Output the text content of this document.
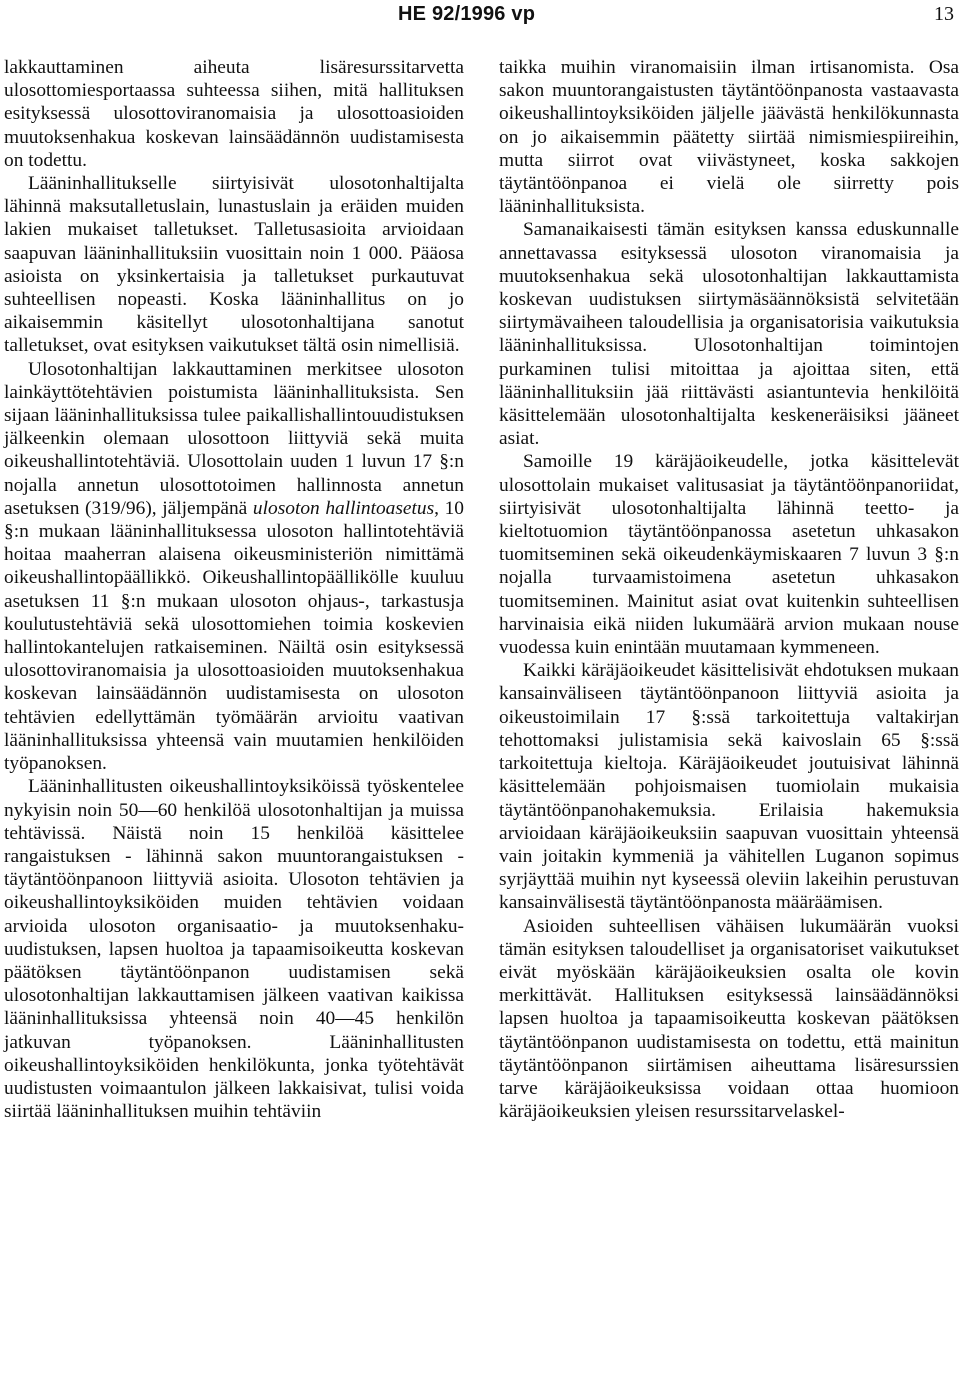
HE 92/1996 vp	13

lakkauttaminen aiheuta lisäresurssitarvetta ulosottomiesportaassa suhteessa siihen, mitä hallituksen esityksessä ulosottoviranomaisia ja ulosottoasioiden muutoksenhakua koskevan lainsäädännön uudistamisesta on todettu.

Lääninhallitukselle siirtyisivät ulosotonhaltijalta lähinnä maksutalletuslain, lunastuslain ja eräiden muiden lakien mukaiset talletukset. Talletusasioita arvioidaan saapuvan lääninhallituksiin vuosittain noin 1 000. Pääosa asioista on yksinkertaisia ja talletukset purkautuvat suhteellisen nopeasti. Koska lääninhallitus on jo aikaisemmin käsitellyt ulosotonhaltijana sanotut talletukset, ovat esityksen vaikutukset tältä osin nimellisiä.

Ulosotonhaltijan lakkauttaminen merkitsee ulosoton lainkäyttötehtävien poistumista lääninhallituksista. Sen sijaan lääninhallituksissa tulee paikallishallintouudistuksen jälkeenkin olemaan ulosottoon liittyviä sekä muita oikeushallintotehtäviä. Ulosottolain uuden 1 luvun 17 §:n nojalla annetun ulosottotoimen hallinnosta annetun asetuksen (319/96), jäljempänä ulosoton hallintoasetus, 10 §:n mukaan lääninhallituksessa ulosoton hallintotehtäviä hoitaa maaherran alaisena oikeusministeriön nimittämä oikeushallintopäällikkö. Oikeushallintopäällikölle kuuluu asetuksen 11 §:n mukaan ulosoton ohjaus-, tarkastusja koulutustehtäviä sekä ulosottomiehen toimia koskevien hallintokantelujen ratkaiseminen. Näiltä osin esityksessä ulosottoviranomaisia ja ulosottoasioiden muutoksenhakua koskevan lainsäädännön uudistamisesta on ulosoton tehtävien edellyttämän työmäärän arvioitu vaativan lääninhallituksissa yhteensä vain muutamien henkilöiden työpanoksen.

Lääninhallitusten oikeushallintoyksiköissä työskentelee nykyisin noin 50—60 henkilöä ulosotonhaltijan ja muissa tehtävissä. Näistä noin 15 henkilöä käsittelee rangaistuksen - lähinnä sakon muuntorangaistuksen - täytäntöönpanoon liittyviä asioita. Ulosoton tehtävien ja oikeushallintoyksiköiden muiden tehtävien voidaan arvioida ulosoton organisaatio- ja muutoksenhaku-uudistuksen, lapsen huoltoa ja tapaamisoikeutta koskevan päätöksen täytäntöönpanon uudistamisen sekä ulosotonhaltijan lakkauttamisen jälkeen vaativan kaikissa lääninhallituksissa yhteensä noin 40—45 henkilön jatkuvan työpanoksen. Lääninhallitusten oikeushallintoyksiköiden henkilökunta, jonka työtehtävät uudistusten voimaantulon jälkeen lakkaisivat, tulisi voida siirtää lääninhallituksen muihin tehtäviin

taikka muihin viranomaisiin ilman irtisanomista. Osa sakon muuntorangaistusten täytäntöönpanosta vastaavasta oikeushallintoyksiköiden jäljelle jäävästä henkilökunnasta on jo aikaisemmin päätetty siirtää nimismiespiireihin, mutta siirrot ovat viivästyneet, koska sakkojen täytäntöönpanoa ei vielä ole siirretty pois lääninhallituksista.

Samanaikaisesti tämän esityksen kanssa eduskunnalle annettavassa esityksessä ulosoton viranomaisia ja muutoksenhakua sekä ulosotonhaltijan lakkauttamista koskevan uudistuksen siirtymäsäännöksistä selvitetään siirtymävaiheen taloudellisia ja organisatorisia vaikutuksia lääninhallituksissa. Ulosotonhaltijan toimintojen purkaminen tulisi mitoittaa ja ajoittaa siten, että lääninhallituksiin jää riittävästi asiantuntevia henkilöitä käsittelemään ulosotonhaltijalta keskeneräisiksi jääneet asiat.

Samoille 19 käräjäoikeudelle, jotka käsittelevät ulosottolain mukaiset valitusasiat ja täytäntöönpanoriidat, siirtyisivät ulosotonhaltijalta lähinnä teetto- ja kieltotuomion täytäntöönpanossa asetetun uhkasakon tuomitseminen sekä oikeudenkäymiskaaren 7 luvun 3 §:n nojalla turvaamistoimena asetetun uhkasakon tuomitseminen. Mainitut asiat ovat kuitenkin suhteellisen harvinaisia eikä niiden lukumäärä arvion mukaan nouse vuodessa kuin enintään muutamaan kymmeneen.

Kaikki käräjäoikeudet käsittelisivät ehdotuksen mukaan kansainväliseen täytäntöönpanoon liittyviä asioita ja oikeustoimilain 17 §:ssä tarkoitettuja valtakirjan tehottomaksi julistamisia sekä kaivoslain 65 §:ssä tarkoitettuja kieltoja. Käräjäoikeudet joutuisivat lähinnä käsittelemään pohjoismaisen tuomiolain mukaisia täytäntöönpanohakemuksia. Erilaisia hakemuksia arvioidaan käräjäoikeuksiin saapuvan vuosittain yhteensä vain joitakin kymmeniä ja vähitellen Luganon sopimus syrjäyttää muihin nyt kyseessä oleviin lakeihin perustuvan kansainvälisestä täytäntöönpanosta määräämisen.

Asioiden suhteellisen vähäisen lukumäärän vuoksi tämän esityksen taloudelliset ja organisatoriset vaikutukset eivät myöskään käräjäoikeuksien osalta ole kovin merkittävät. Hallituksen esityksessä lainsäädännöksi lapsen huoltoa ja tapaamisoikeutta koskevan päätöksen täytäntöönpanon uudistamisesta on todettu, että mainitun täytäntöönpanon siirtämisen aiheuttama lisäresurssien tarve käräjäoikeuksissa voidaan ottaa huomioon käräjäoikeuksien yleisen resurssitarvelaskel-
